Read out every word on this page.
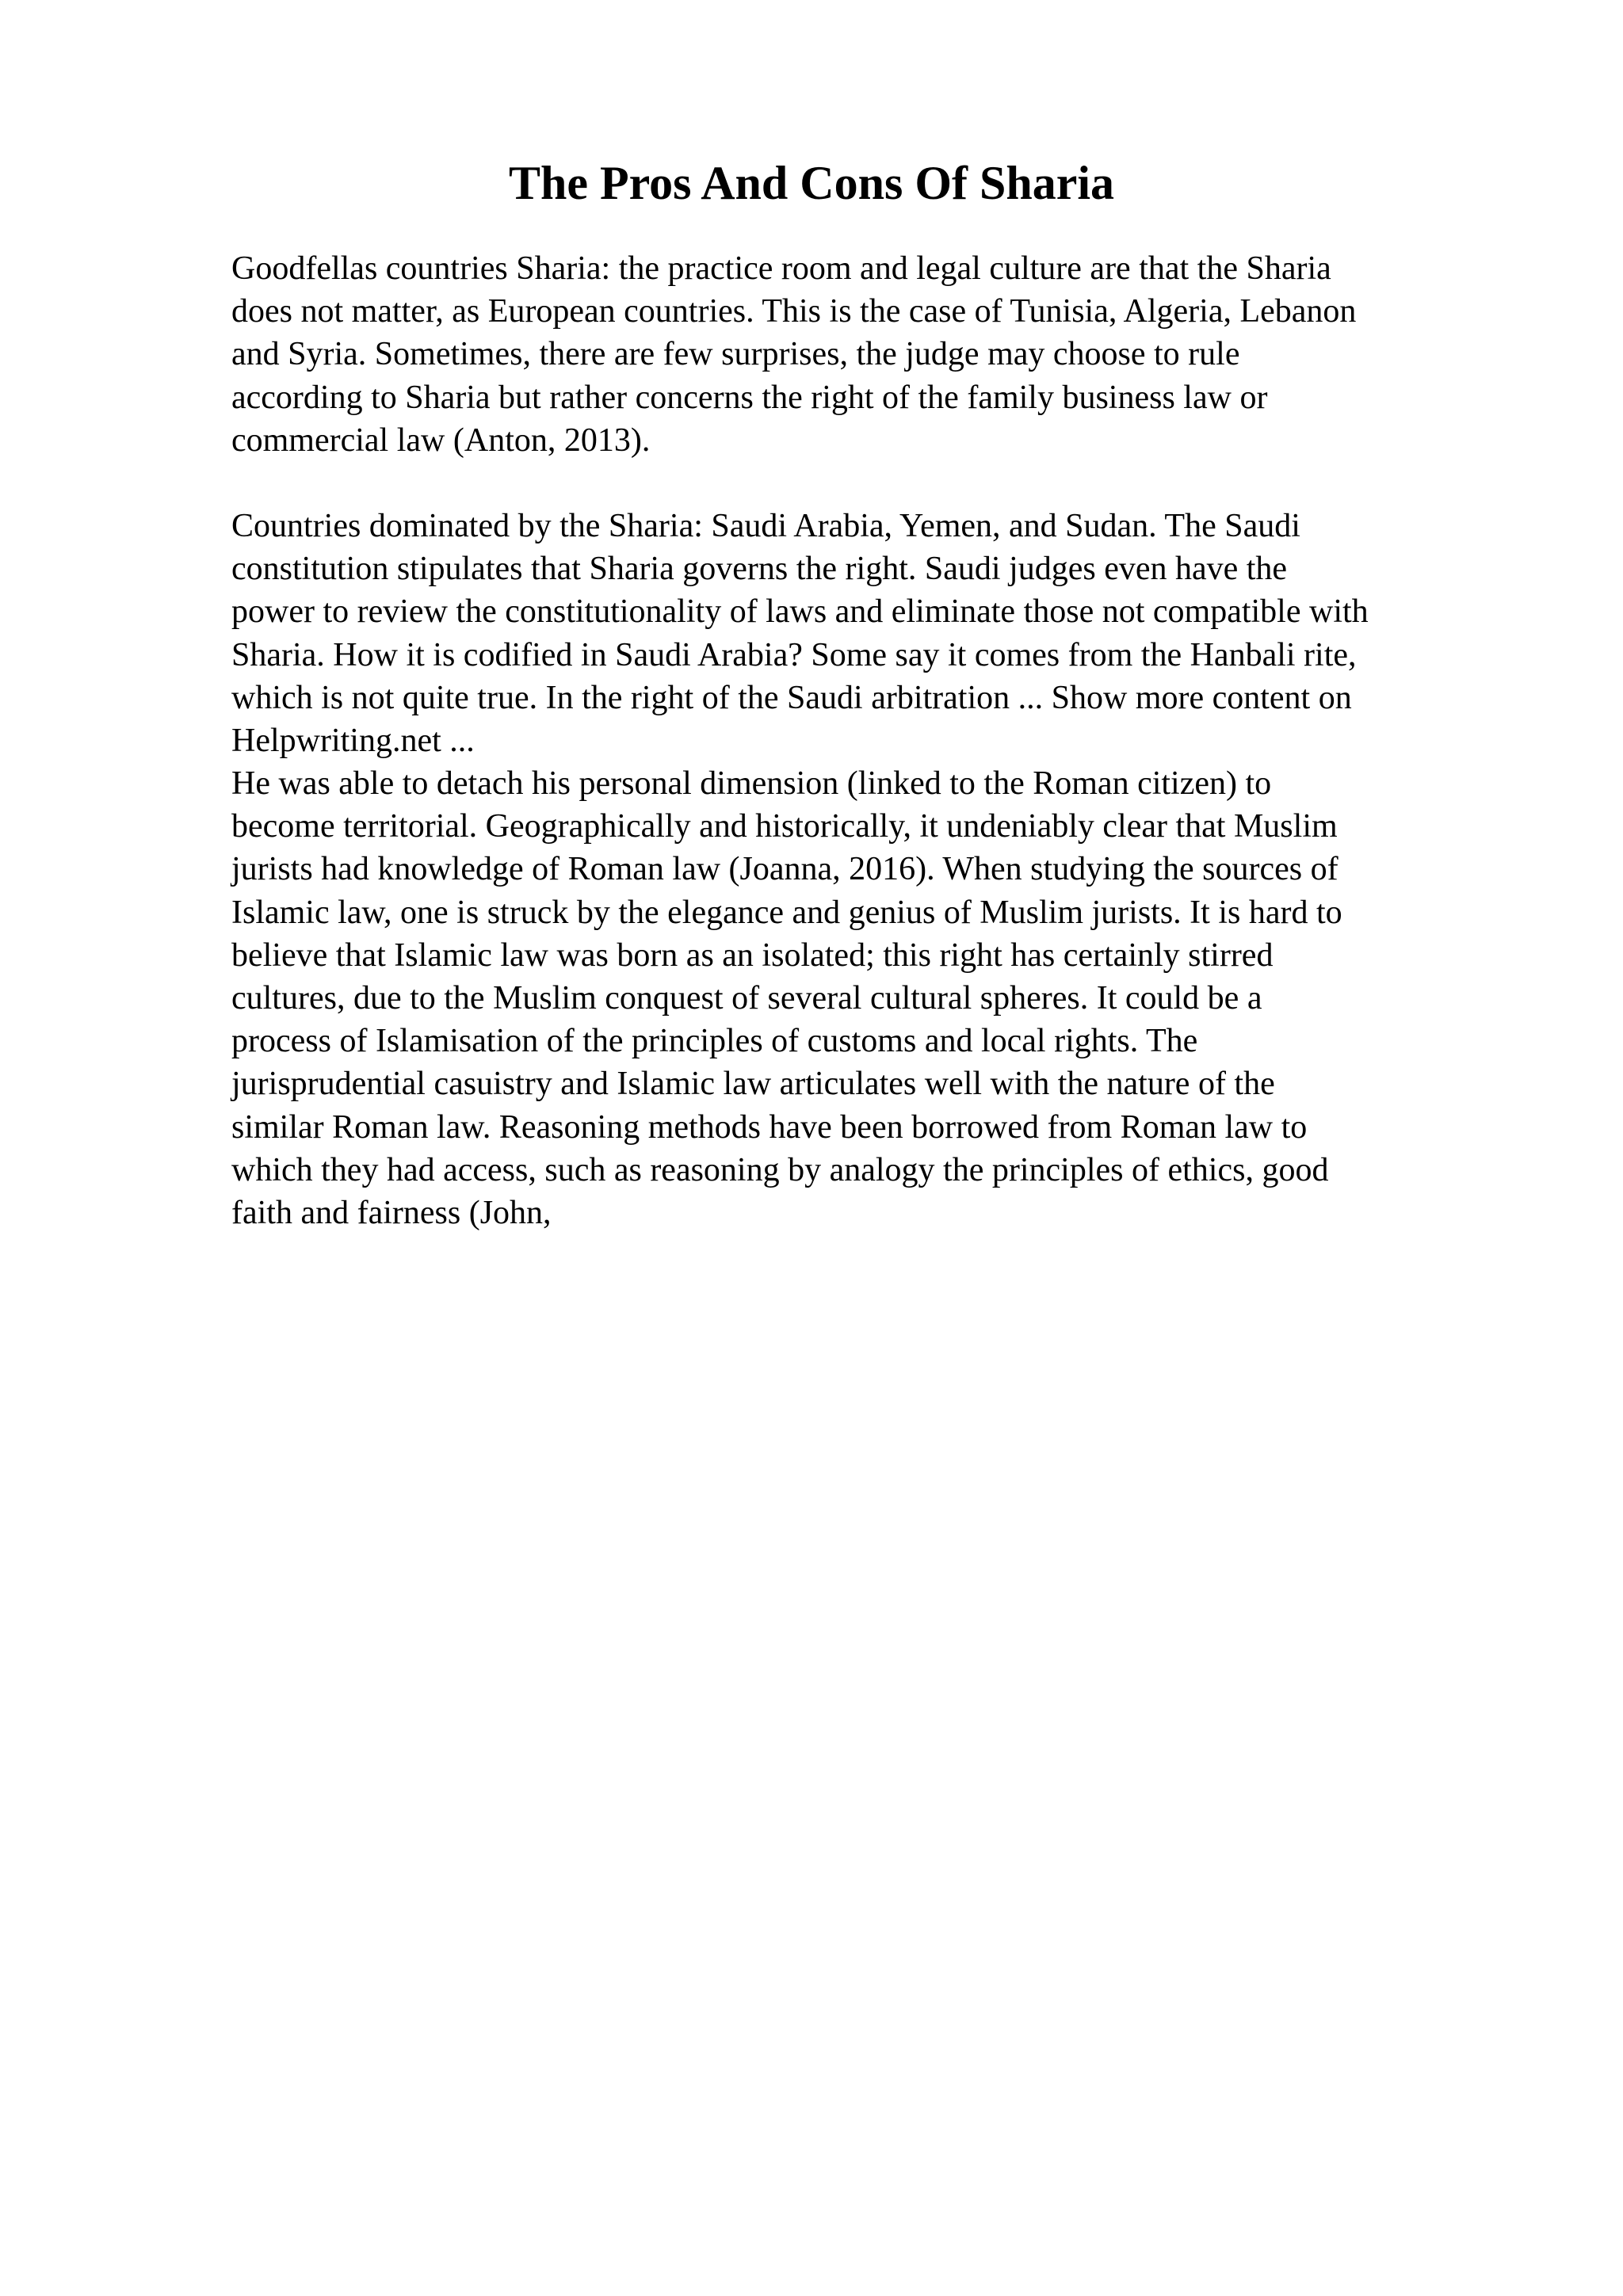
The Pros And Cons Of Sharia

Goodfellas countries Sharia: the practice room and legal culture are that the Sharia
does not matter, as European countries. This is the case of Tunisia, Algeria, Lebanon
and Syria. Sometimes, there are few surprises, the judge may choose to rule
according to Sharia but rather concerns the right of the family business law or
commercial law (Anton, 2013).

Countries dominated by the Sharia: Saudi Arabia, Yemen, and Sudan. The Saudi
constitution stipulates that Sharia governs the right. Saudi judges even have the
power to review the constitutionality of laws and eliminate those not compatible with
Sharia. How it is codified in Saudi Arabia? Some say it comes from the Hanbali rite,
which is not quite true. In the right of the Saudi arbitration ... Show more content on

Helpwriting.net ...

He was able to detach his personal dimension (linked to the Roman citizen) to
become territorial. Geographically and historically, it undeniably clear that Muslim
jurists had knowledge of Roman law (Joanna, 2016). When studying the sources of
Islamic law, one is struck by the elegance and genius of Muslim jurists. It is hard to
believe that Islamic law was born as an isolated; this right has certainly stirred
cultures, due to the Muslim conquest of several cultural spheres. It could be a
process of Islamisation of the principles of customs and local rights. The
jurisprudential casuistry and Islamic law articulates well with the nature of the
similar Roman law. Reasoning methods have been borrowed from Roman law to
which they had access, such as reasoning by analogy the principles of ethics, good
faith and fairness (John,
